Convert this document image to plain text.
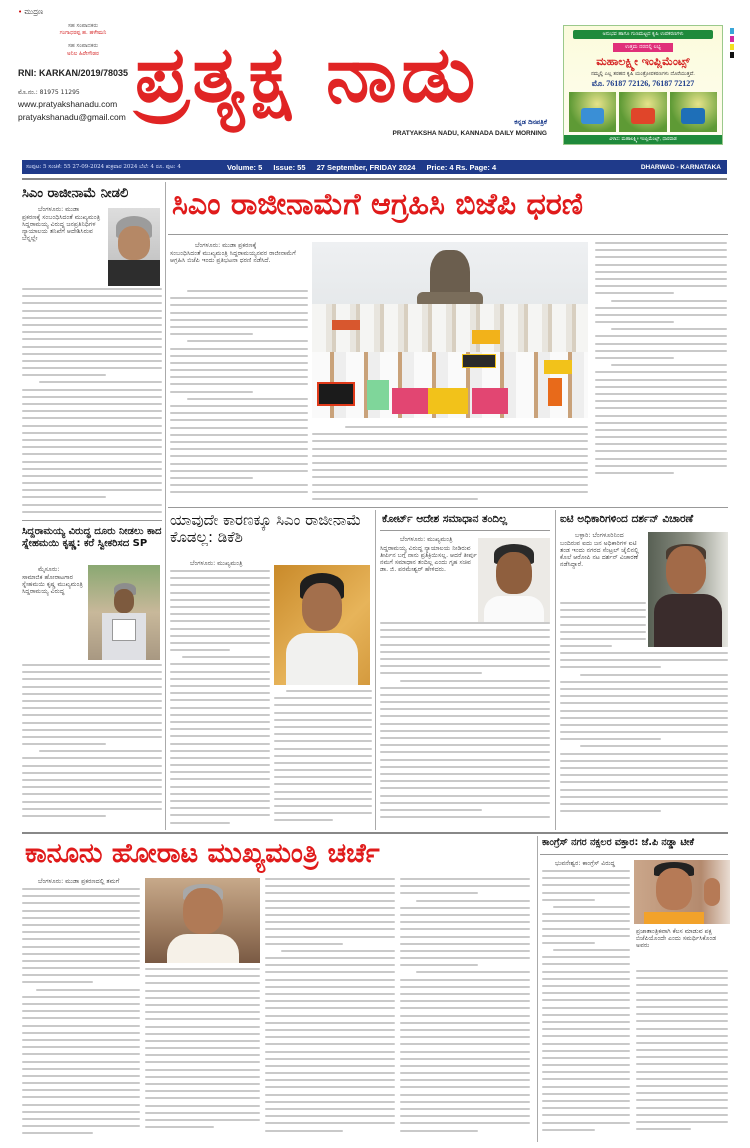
• ಮುದ್ರಣ
ಸಹ ಸಂಪಾದಕರು
ಗಂಗಾಧರಪ್ಪ ಹ. ಹಳೇಮನಿ
ಸಹ ಸಂಪಾದಕರು
ಅನಿಲ ಹಿರೇಗೌಡರ
RNI: KARKAN/2019/78035
ಮೊ.ನಂ.: 81975 11295
www.pratyakshanadu.com
pratyakshanadu@gmail.com ಪ್ರತ್ಯಕ್ಷ ನಾಡು
ಕನ್ನಡ ದಿನಪತ್ರಿಕೆ
PRATYAKSHA NADU, KANNADA DAILY MORNING
ಅನುಭವ ಹಾಗೂ ಗುಣಮಟ್ಟದ ಕೃಷಿ ಉಪಕರಣಗಳು
ಉತ್ತಮ ದರದಲ್ಲಿ ಲಭ್ಯ
ಮಹಾಲಕ್ಷ್ಮೀ ಇಂಪ್ಲಿಮೆಂಟ್ಸ್
ನಮ್ಮಲ್ಲಿ ಎಲ್ಲ ತರಹದ ಕೃಷಿ ಯಂತ್ರೋಪಕರಣಗಳು ದೊರೆಯುತ್ತವೆ.
ಮೊ. 76187 72126, 76187 72127
ವಿಳಾಸ: ಮಹಾಲಕ್ಷ್ಮೀ ಇಂಪ್ಲಿಮೆಂಟ್ಸ್, ಧಾರವಾಡ
ಸಂಪುಟ: 5 ಸಂಚಿಕೆ: 55 27-09-2024 ಶುಕ್ರವಾರ 2024 ಬೆಲೆ: 4 ರೂ. ಪುಟ: 4	Volume: 5 Issue: 55 27 September, FRIDAY 2024 Price: 4 Rs. Page: 4	DHARWAD - KARNATAKA
ಸಿಎಂ ರಾಜೀನಾಮೆ ನೀಡಲಿ
ಬೆಂಗಳೂರು: ಮುಡಾ
ಪ್ರಕರಣಕ್ಕೆ ಸಂಬಂಧಿಸಿದಂತೆ ಮುಖ್ಯಮಂತ್ರಿ ಸಿದ್ದರಾಮಯ್ಯ ವಿರುದ್ಧ ಜನಪ್ರತಿನಿಧಿಗಳ ನ್ಯಾಯಾಲಯ ತನಿಖೆಗೆ ಆದೇಶಿಸಿರುವ ಬೆನ್ನಲ್ಲೇ
ಸಿಎಂ ರಾಜೀನಾಮೆಗೆ ಆಗ್ರಹಿಸಿ ಬಿಜೆಪಿ ಧರಣಿ
ಬೆಂಗಳೂರು: ಮುಡಾ ಪ್ರಕರಣಕ್ಕೆ
ಸಂಬಂಧಿಸಿದಂತೆ ಮುಖ್ಯಮಂತ್ರಿ ಸಿದ್ದರಾಮಯ್ಯನವರ ರಾಜೀನಾಮೆಗೆ ಆಗ್ರಹಿಸಿ ಬಿಜೆಪಿ ಇಂದು ಪ್ರತಿಭಟನಾ ಧರಣಿ ನಡೆಸಿದೆ.
ಸಿದ್ದರಾಮಯ್ಯ ವಿರುದ್ಧ ದೂರು ನೀಡಲು ಕಾದ ಸ್ನೇಹಮಯಿ ಕೃಷ್ಣ: ಕರೆ ಸ್ವೀಕರಿಸದ SP
ಮೈಸೂರು:
ಸಾಮಾಜಿಕ ಹೋರಾಟಗಾರ ಸ್ನೇಹಮಯಿ ಕೃಷ್ಣ ಮುಖ್ಯಮಂತ್ರಿ ಸಿದ್ದರಾಮಯ್ಯ ವಿರುದ್ಧ
ಯಾವುದೇ ಕಾರಣಕ್ಕೂ ಸಿಎಂ ರಾಜೀನಾಮೆ ಕೊಡಲ್ಲ: ಡಿಕೆಶಿ
ಬೆಂಗಳೂರು: ಮುಖ್ಯಮಂತ್ರಿ
ಕೋರ್ಟ್ ಆದೇಶ ಸಮಾಧಾನ ತಂದಿಲ್ಲ
ಬೆಂಗಳೂರು: ಮುಖ್ಯಮಂತ್ರಿ
ಸಿದ್ದರಾಮಯ್ಯ ವಿರುದ್ಧ ನ್ಯಾಯಾಲಯ ನೀಡಿರುವ ತೀರ್ಪಿನ ಬಗ್ಗೆ ನಾನು ಪ್ರತಿಕ್ರಿಯಿಸಲ್ಲ. ಆದರೆ ತೀರ್ಪು ನಮಗೆ ಸಮಾಧಾನ ತಂದಿಲ್ಲ ಎಂದು ಗೃಹ ಸಚಿವ ಡಾ. ಜಿ. ಪರಮೇಶ್ವರ್ ಹೇಳಿದರು.
ಐಟಿ ಅಧಿಕಾರಿಗಳಿಂದ ದರ್ಶನ್ ವಿಚಾರಣೆ
ಬಳ್ಳಾರಿ: ಬೆಂಗಳೂರಿನಿಂದ
ಬಂದಿರುವ ಐದು ಜನ ಅಧಿಕಾರಿಗಳ ಐಟಿ ತಂಡ ಇಂದು ನಗರದ ಸೆಂಟ್ರಲ್ ಜೈಲಿನಲ್ಲಿ ಕೊಲೆ ಆರೋಪಿ ನಟ ದರ್ಶನ್ ವಿಚಾರಣೆ ನಡೆಸಿದ್ದಾರೆ.
ಕಾನೂನು ಹೋರಾಟ ಮುಖ್ಯಮಂತ್ರಿ ಚರ್ಚೆ
ಬೆಂಗಳೂರು: ಮುಡಾ ಪ್ರಕರಣದಲ್ಲಿ ತಮಗೆ
ಕಾಂಗ್ರೆಸ್ ನಗರ ನಕ್ಸಲರ ವಕ್ತಾರ: ಜೆ.ಪಿ ನಡ್ಡಾ ಟೀಕೆ
ಭುವನೇಶ್ವರ: ಕಾಂಗ್ರೆಸ್ ವಿರುದ್ಧ
ಪ್ರಜಾತಾಂತ್ರಿಕವಾಗಿ ಕೆಲಸ ಮಾಡುವ ಪಕ್ಷ ಬಿಜೆಪಿಯೊಂದೇ ಎಂದು ಸಮರ್ಥಿಸಿಕೊಂಡ ಅವರು
